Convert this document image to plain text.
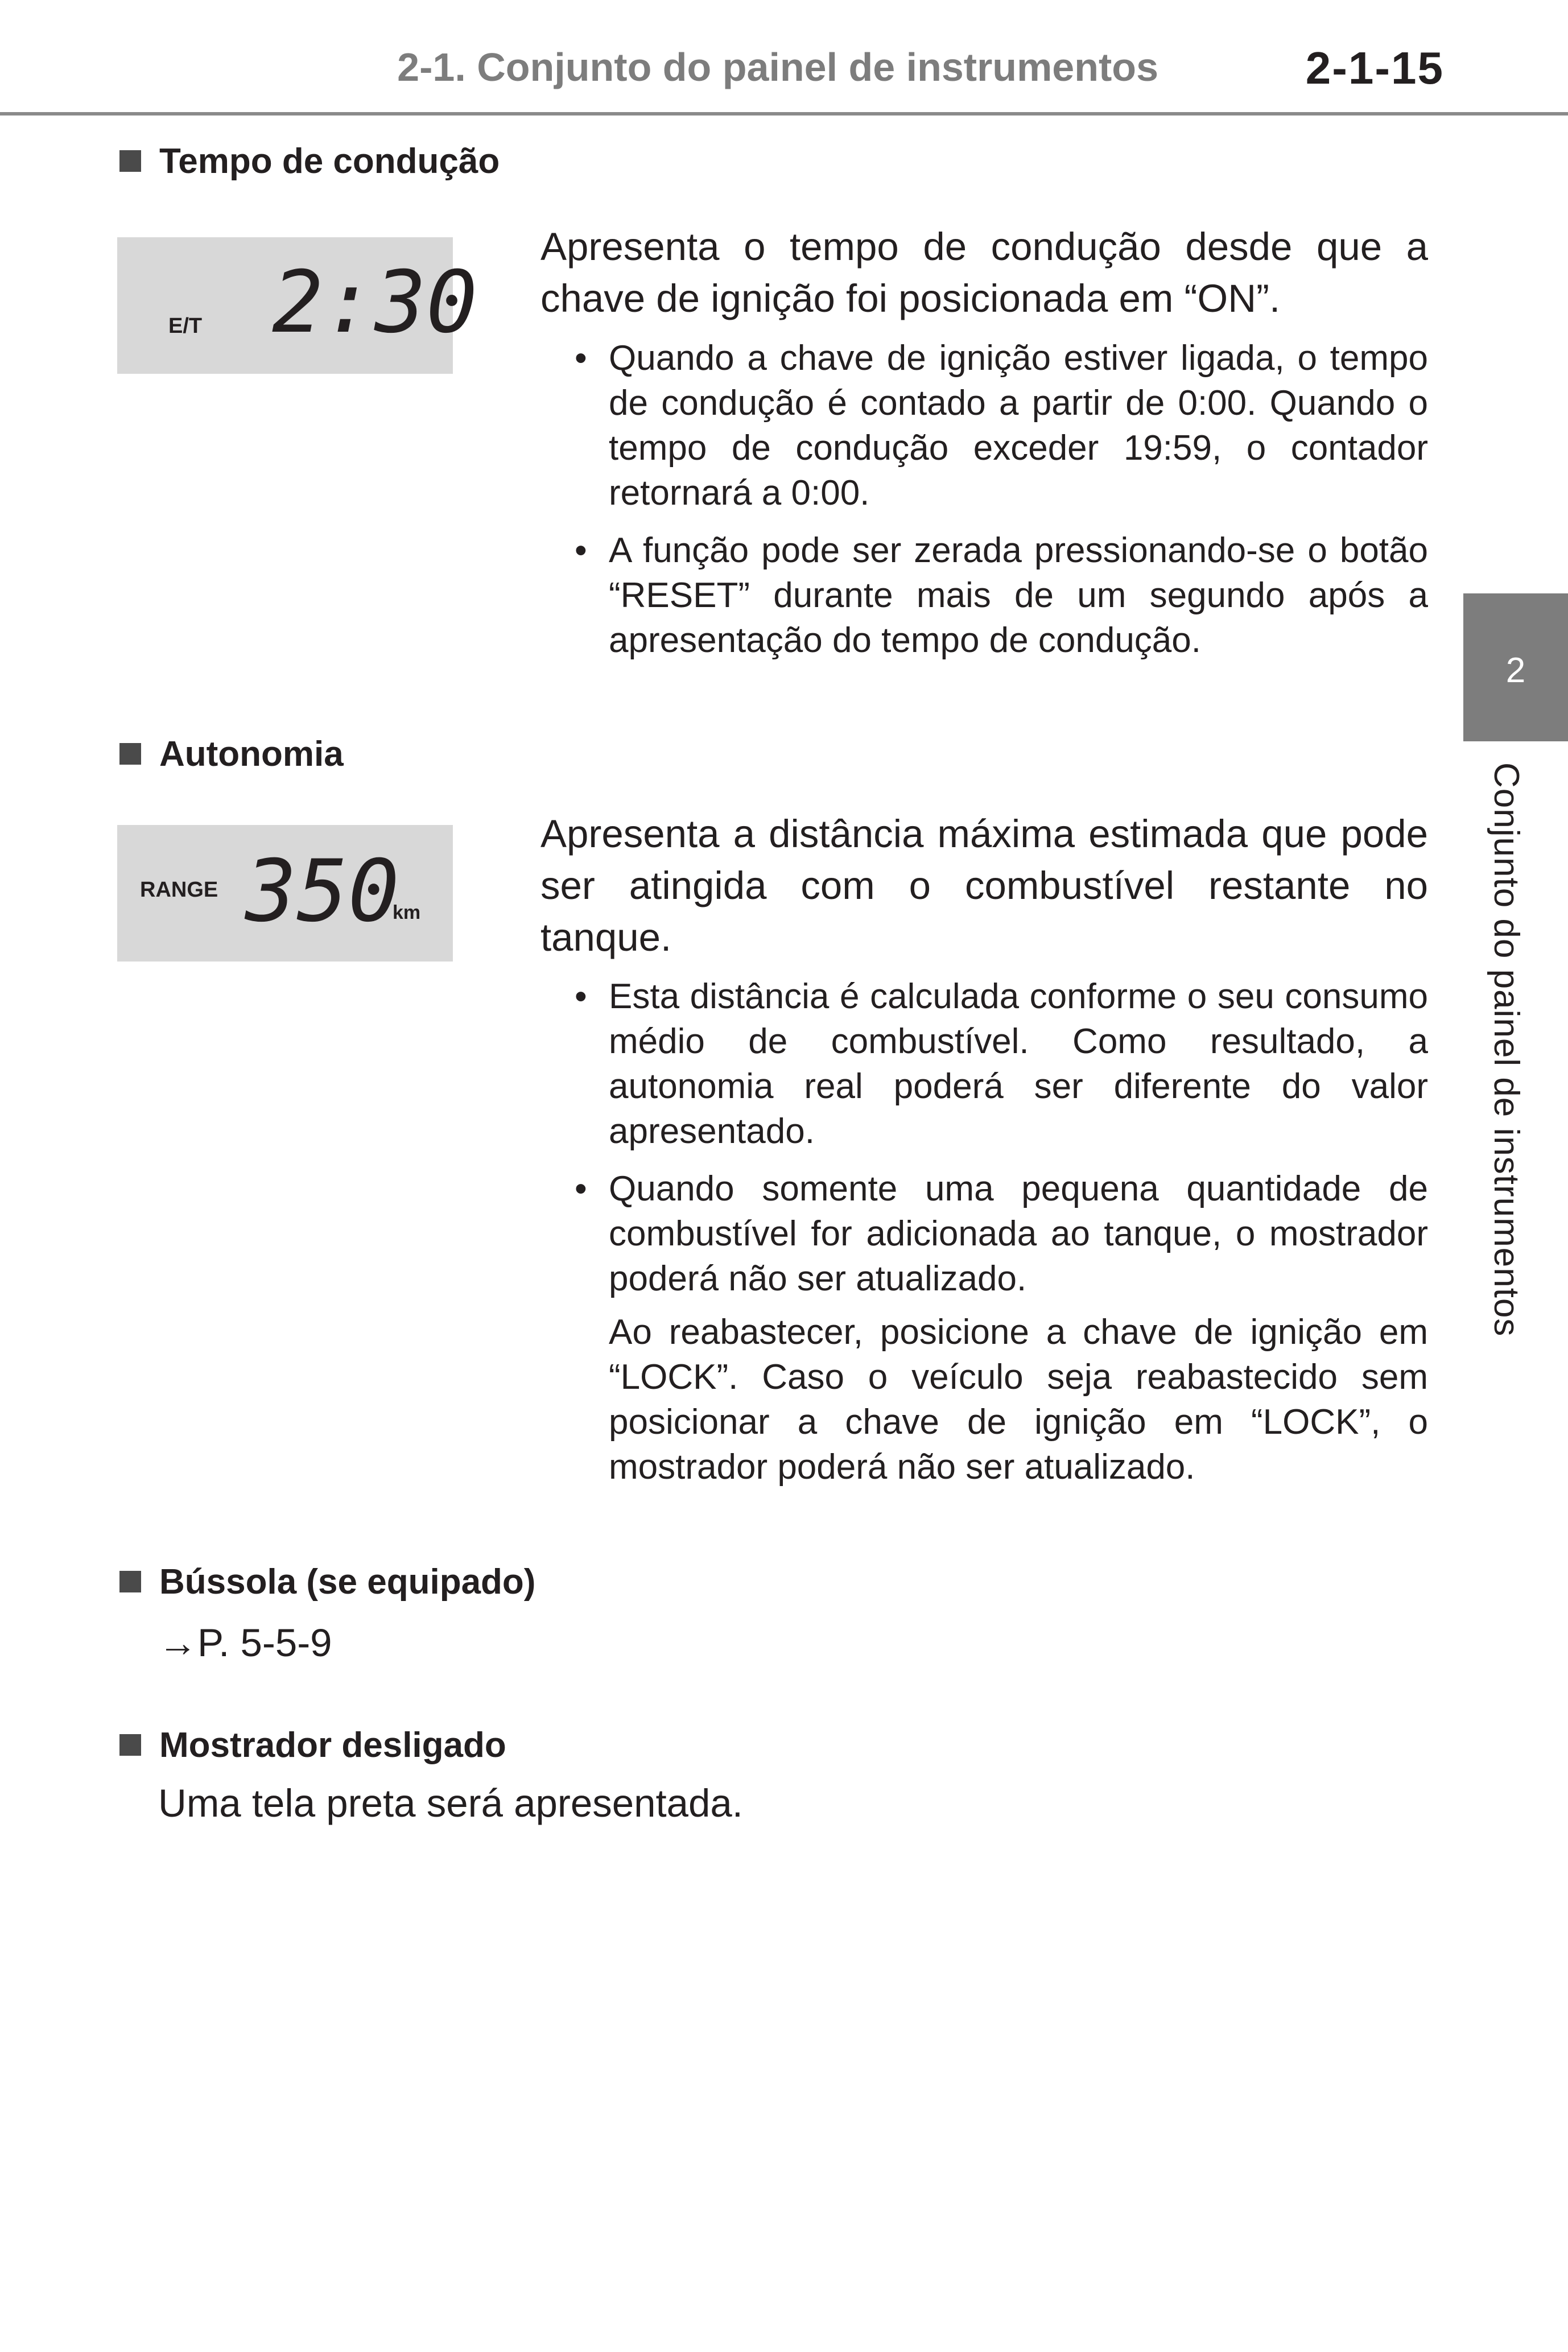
2-1. Conjunto do painel de instrumentos	2-1-15
2
Conjunto do painel de instrumentos
Tempo de condução
E/T 2:30
Apresenta o tempo de condução desde que a chave de ignição foi posicionada em “ON”.
• Quando a chave de ignição estiver ligada, o tempo de condução é contado a partir de 0:00. Quando o tempo de condução exceder 19:59, o contador retornará a 0:00.
• A função pode ser zerada pressionando-se o botão “RESET” durante mais de um segundo após a apresentação do tempo de condução.
Autonomia
RANGE 350
km
Apresenta a distância máxima estimada que pode ser atingida com o combustível restante no tanque.
• Esta distância é calculada conforme o seu consumo médio de combustível. Como resultado, a autonomia real poderá ser diferente do valor apresentado.
• Quando somente uma pequena quantidade de combustível for adicionada ao tanque, o mostrador poderá não ser atualizado.
Ao reabastecer, posicione a chave de ignição em “LOCK”. Caso o veículo seja reabastecido sem posicionar a chave de ignição em “LOCK”, o mostrador poderá não ser atualizado.
Bússola (se equipado)
→P. 5-5-9
Mostrador desligado
Uma tela preta será apresentada.
